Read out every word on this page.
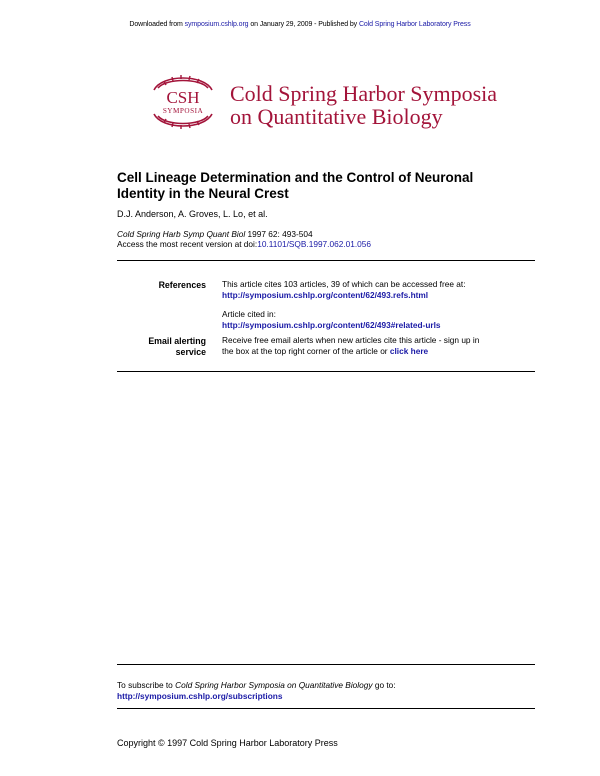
Downloaded from symposium.cshlp.org on January 29, 2009 - Published by Cold Spring Harbor Laboratory Press
CSH
SYMPOSIA
Cold Spring Harbor Symposia
on Quantitative Biology
Cell Lineage Determination and the Control of Neuronal
Identity in the Neural Crest
D.J. Anderson, A. Groves, L. Lo, et al.
Cold Spring Harb Symp Quant Biol 1997 62: 493-504
Access the most recent version at doi:10.1101/SQB.1997.062.01.056
References This article cites 103 articles, 39 of which can be accessed free at:
http://symposium.cshlp.org/content/62/493.refs.html
Article cited in:
http://symposium.cshlp.org/content/62/493#related-urls
Email alerting
service
Receive free email alerts when new articles cite this article - sign up in
the box at the top right corner of the article or click here
To subscribe to Cold Spring Harbor Symposia on Quantitative Biology go to:
http://symposium.cshlp.org/subscriptions
Copyright © 1997 Cold Spring Harbor Laboratory Press
